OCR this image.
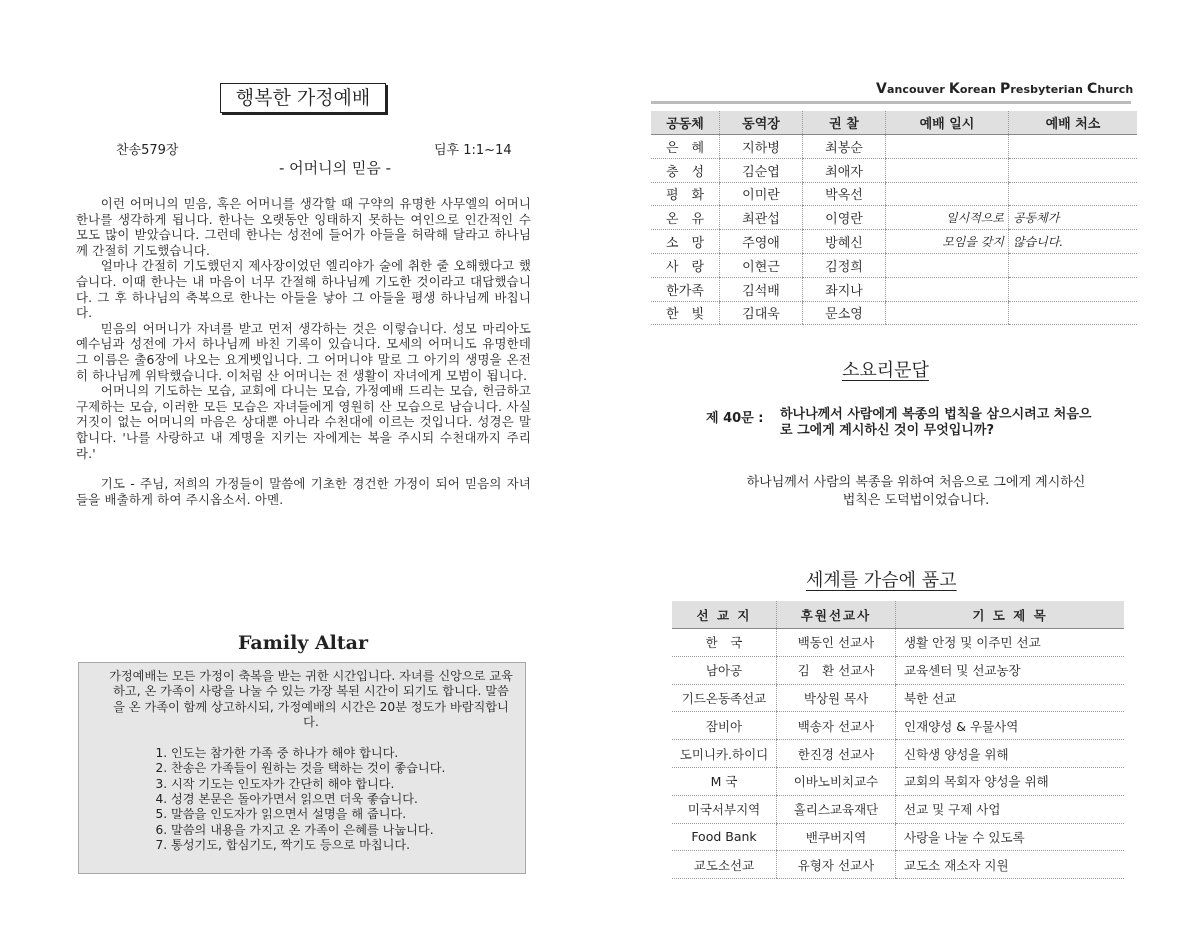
행복한 가정예배
찬송579장	딤후 1:1~14
- 어머니의 믿음 -

이런 어머니의 믿음, 혹은 어머니를 생각할 때 구약의 유명한 사무엘의 어머니 한나를 생각하게 됩니다. 한나는 오랫동안 잉태하지 못하는 여인으로 인간적인 수모도 많이 받았습니다. 그런데 한나는 성전에 들어가 아들을 허락해 달라고 하나님께 간절히 기도했습니다.

얼마나 간절히 기도했던지 제사장이었던 엘리야가 술에 취한 줄 오해했다고 했습니다. 이때 한나는 내 마음이 너무 간절해 하나님께 기도한 것이라고 대답했습니다. 그 후 하나님의 축복으로 한나는 아들을 낳아 그 아들을 평생 하나님께 바칩니다.

믿음의 어머니가 자녀를 받고 먼저 생각하는 것은 이렇습니다. 성모 마리아도 예수님과 성전에 가서 하나님께 바친 기록이 있습니다. 모세의 어머니도 유명한데 그 이름은 출6장에 나오는 요게벳입니다. 그 어머니야 말로 그 아기의 생명을 온전히 하나님께 위탁했습니다. 이처럼 산 어머니는 전 생활이 자녀에게 모범이 됩니다.

어머니의 기도하는 모습, 교회에 다니는 모습, 가정예배 드리는 모습, 헌금하고 구제하는 모습, 이러한 모든 모습은 자녀들에게 영원히 산 모습으로 남습니다. 사실 거짓이 없는 어머니의 마음은 상대뿐 아니라 수천대에 이르는 것입니다. 성경은 말합니다. '나를 사랑하고 내 계명을 지키는 자에게는 복을 주시되 수천대까지 주리라.'

기도 - 주님, 저희의 가정들이 말씀에 기초한 경건한 가정이 되어 믿음의 자녀들을 배출하게 하여 주시옵소서. 아멘.

Family Altar

가정예배는 모든 가정이 축복을 받는 귀한 시간입니다. 자녀를 신앙으로 교육 하고, 온 가족이 사랑을 나눌 수 있는 가장 복된 시간이 되기도 합니다. 말씀을 온 가족이 함께 상고하시되, 가정예배의 시간은 20분 정도가 바람직합니다.

1. 인도는 참가한 가족 중 하나가 해야 합니다.
2. 찬송은 가족들이 원하는 것을 택하는 것이 좋습니다.
3. 시작 기도는 인도자가 간단히 해야 합니다.
4. 성경 본문은 돌아가면서 읽으면 더욱 좋습니다.
5. 말씀을 인도자가 읽으면서 설명을 해 줍니다.
6. 말씀의 내용을 가지고 온 가족이 은혜를 나눕니다.
7. 통성기도, 합심기도, 짝기도 등으로 마칩니다.
Vancouver Korean Presbyterian Church
공동체	동역장	권 찰	예배 일시	예배 처소
은　혜	지하병	최봉순		
충　성	김순엽	최애자		
평　화	이미란	박옥선		
온　유	최관섭	이영란	일시적으로	공동체가
소　망	주영애	방혜신	모임을 갖지	않습니다.
사　랑	이현근	김정희		
한가족	김석배	좌지나		
한　빛	김대욱	문소영		
소요리문답
제 40문 : 하나나께서 사람에게 복종의 법칙을 삼으시려고 처음으로 그에게 계시하신 것이 무엇입니까?
하나님께서 사람의 복종을 위하여 처음으로 그에게 계시하신 법칙은 도덕법이었습니다.
세계를 가슴에 품고
선 교 지	후원선교사	기 도 제 목
한　국	백동인 선교사	생활 안정 및 이주민 선교
남아공	김　환 선교사	교육센터 및 선교농장
기드온동족선교	박상원 목사	북한 선교
잠비아	백송자 선교사	인재양성 & 우물사역
도미니카.하이디	한진경 선교사	신학생 양성을 위해
M 국	이바노비치교수	교회의 목회자 양성을 위해
미국서부지역	홀리스교육재단	선교 및 구제 사업
Food Bank	밴쿠버지역	사랑을 나눌 수 있도록
교도소선교	유형자 선교사	교도소 재소자 지원
